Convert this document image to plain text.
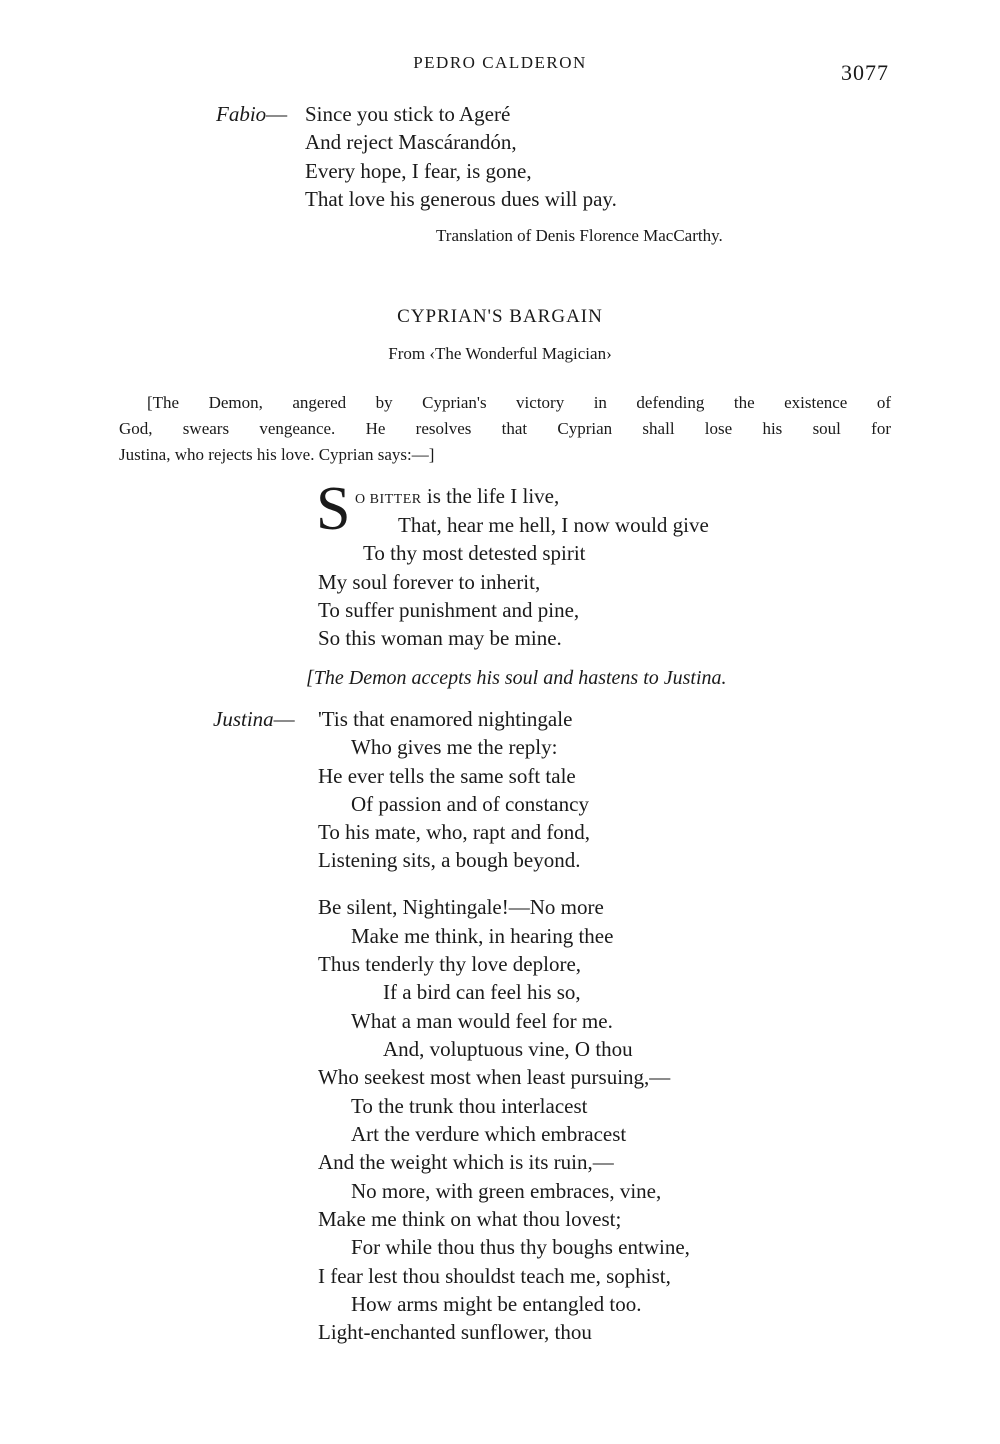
PEDRO CALDERON	3077
Fabio— Since you stick to Ageré
And reject Mascárandón,
Every hope, I fear, is gone,
That love his generous dues will pay.
Translation of Denis Florence MacCarthy.
CYPRIAN'S BARGAIN
From ‹The Wonderful Magician›
[The Demon, angered by Cyprian's victory in defending the existence of
God, swears vengeance. He resolves that Cyprian shall lose his soul for
Justina, who rejects his love. Cyprian says:—]
S O BITTER is the life I live,
That, hear me hell, I now would give
To thy most detested spirit
My soul forever to inherit,
To suffer punishment and pine,
So this woman may be mine.
[The Demon accepts his soul and hastens to Justina.
Justina— 'Tis that enamored nightingale
Who gives me the reply:
He ever tells the same soft tale
Of passion and of constancy
To his mate, who, rapt and fond,
Listening sits, a bough beyond.
Be silent, Nightingale!—No more
Make me think, in hearing thee
Thus tenderly thy love deplore,
If a bird can feel his so,
What a man would feel for me.
And, voluptuous vine, O thou
Who seekest most when least pursuing,—
To the trunk thou interlacest
Art the verdure which embracest
And the weight which is its ruin,—
No more, with green embraces, vine,
Make me think on what thou lovest;
For while thou thus thy boughs entwine,
I fear lest thou shouldst teach me, sophist,
How arms might be entangled too.
Light-enchanted sunflower, thou
